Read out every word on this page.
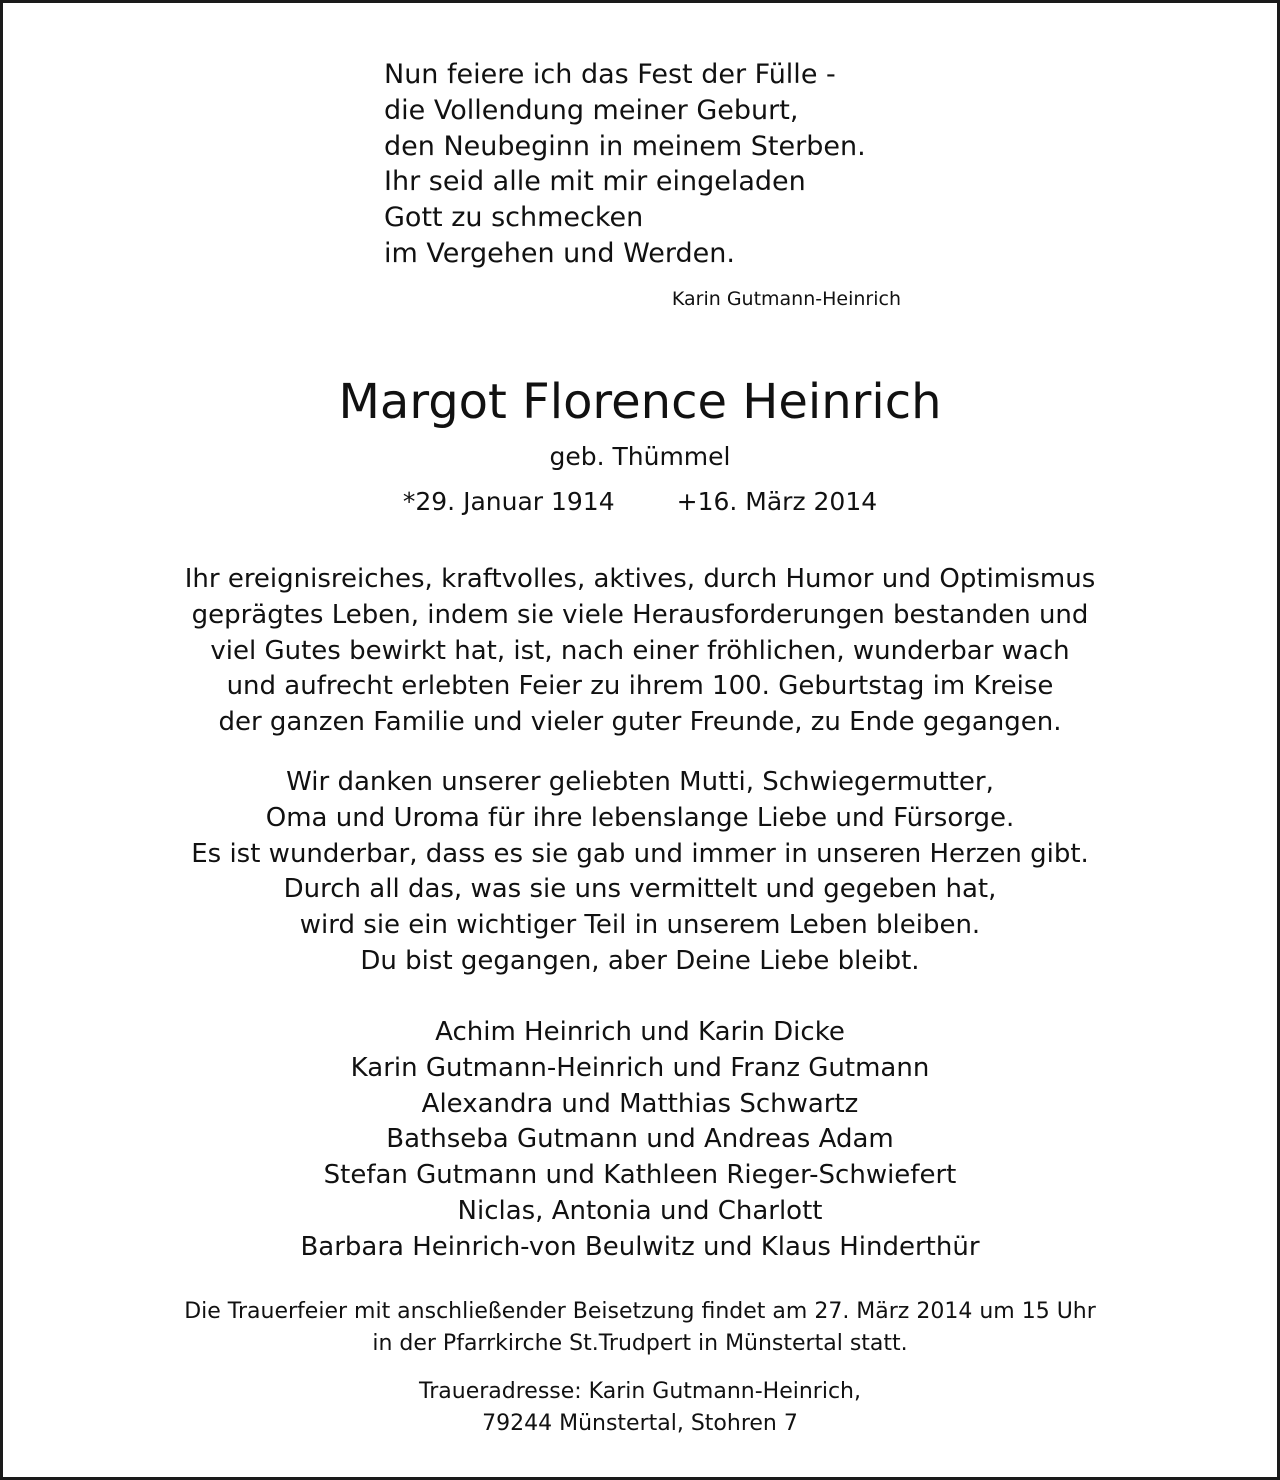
Nun feiere ich das Fest der Fülle -
die Vollendung meiner Geburt,
den Neubeginn in meinem Sterben.
Ihr seid alle mit mir eingeladen
Gott zu schmecken
im Vergehen und Werden.
Karin Gutmann-Heinrich
Margot Florence Heinrich
geb. Thümmel
*29. Januar 1914 +16. März 2014
Ihr ereignisreiches, kraftvolles, aktives, durch Humor und Optimismus
geprägtes Leben, indem sie viele Herausforderungen bestanden und
viel Gutes bewirkt hat, ist, nach einer fröhlichen, wunderbar wach
und aufrecht erlebten Feier zu ihrem 100. Geburtstag im Kreise
der ganzen Familie und vieler guter Freunde, zu Ende gegangen.
Wir danken unserer geliebten Mutti, Schwiegermutter,
Oma und Uroma für ihre lebenslange Liebe und Fürsorge.
Es ist wunderbar, dass es sie gab und immer in unseren Herzen gibt.
Durch all das, was sie uns vermittelt und gegeben hat,
wird sie ein wichtiger Teil in unserem Leben bleiben.
Du bist gegangen, aber Deine Liebe bleibt.
Achim Heinrich und Karin Dicke
Karin Gutmann-Heinrich und Franz Gutmann
Alexandra und Matthias Schwartz
Bathseba Gutmann und Andreas Adam
Stefan Gutmann und Kathleen Rieger-Schwiefert
Niclas, Antonia und Charlott
Barbara Heinrich-von Beulwitz und Klaus Hinderthür
Die Trauerfeier mit anschließender Beisetzung findet am 27. März 2014 um 15 Uhr
in der Pfarrkirche St.Trudpert in Münstertal statt.
Traueradresse: Karin Gutmann-Heinrich,
79244 Münstertal, Stohren 7
